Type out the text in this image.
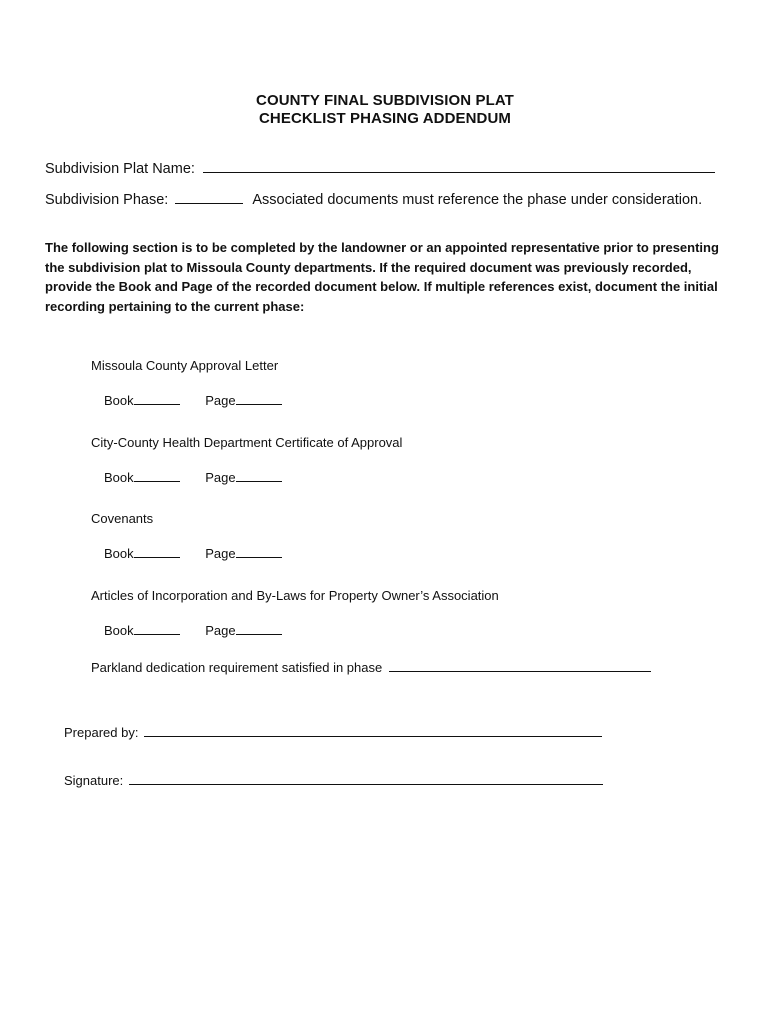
COUNTY FINAL SUBDIVISION PLAT
CHECKLIST PHASING ADDENDUM
Subdivision Plat Name:
Subdivision Phase:	Associated documents must reference the phase under consideration.
The following section is to be completed by the landowner or an appointed representative prior to presenting the subdivision plat to Missoula County departments. If the required document was previously recorded, provide the Book and Page of the recorded document below. If multiple references exist, document the initial recording pertaining to the current phase:
Missoula County Approval Letter
Book	Page
City-County Health Department Certificate of Approval
Book	Page
Covenants
Book	Page
Articles of Incorporation and By-Laws for Property Owner’s Association
Book	Page
Parkland dedication requirement satisfied in phase
Prepared by:
Signature:
